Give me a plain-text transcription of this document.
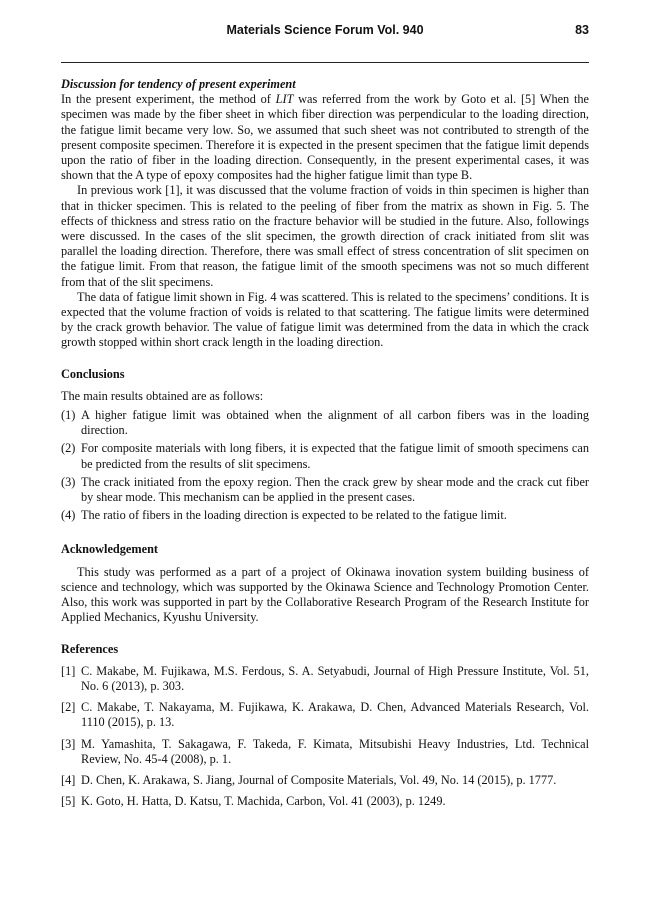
Materials Science Forum Vol. 940	83

Discussion for tendency of present experiment

In the present experiment, the method of LIT was referred from the work by Goto et al. [5] When the specimen was made by the fiber sheet in which fiber direction was perpendicular to the loading direction, the fatigue limit became very low. So, we assumed that such sheet was not contributed to strength of the present composite specimen. Therefore it is expected in the present specimen that the fatigue limit depends upon the ratio of fiber in the loading direction. Consequently, in the present experimental cases, it was shown that the A type of epoxy composites had the higher fatigue limit than type B.

In previous work [1], it was discussed that the volume fraction of voids in thin specimen is higher than that in thicker specimen. This is related to the peeling of fiber from the matrix as shown in Fig. 5. The effects of thickness and stress ratio on the fracture behavior will be studied in the future. Also, followings were discussed. In the cases of the slit specimen, the growth direction of crack initiated from slit was parallel the loading direction. Therefore, there was small effect of stress concentration of slit specimen on the fatigue limit. From that reason, the fatigue limit of the smooth specimens was not so much different from that of the slit specimens.

The data of fatigue limit shown in Fig. 4 was scattered. This is related to the specimens’ conditions. It is expected that the volume fraction of voids is related to that scattering. The fatigue limits were determined by the crack growth behavior. The value of fatigue limit was determined from the data in which the crack growth stopped within short crack length in the loading direction.

Conclusions

The main results obtained are as follows:

(1) A higher fatigue limit was obtained when the alignment of all carbon fibers was in the loading direction.
(2) For composite materials with long fibers, it is expected that the fatigue limit of smooth specimens can be predicted from the results of slit specimens.
(3) The crack initiated from the epoxy region. Then the crack grew by shear mode and the crack cut fiber by shear mode. This mechanism can be applied in the present cases.
(4) The ratio of fibers in the loading direction is expected to be related to the fatigue limit.

Acknowledgement

This study was performed as a part of a project of Okinawa inovation system building business of science and technology, which was supported by the Okinawa Science and Technology Promotion Center. Also, this work was supported in part by the Collaborative Research Program of the Research Institute for Applied Mechanics, Kyushu University.

References

[1] C. Makabe, M. Fujikawa, M.S. Ferdous, S. A. Setyabudi, Journal of High Pressure Institute, Vol. 51, No. 6 (2013), p. 303.
[2] C. Makabe, T. Nakayama, M. Fujikawa, K. Arakawa, D. Chen, Advanced Materials Research, Vol. 1110 (2015), p. 13.
[3] M. Yamashita, T. Sakagawa, F. Takeda, F. Kimata, Mitsubishi Heavy Industries, Ltd. Technical Review, No. 45-4 (2008), p. 1.
[4] D. Chen, K. Arakawa, S. Jiang, Journal of Composite Materials, Vol. 49, No. 14 (2015), p. 1777.
[5] K. Goto, H. Hatta, D. Katsu, T. Machida, Carbon, Vol. 41 (2003), p. 1249.
